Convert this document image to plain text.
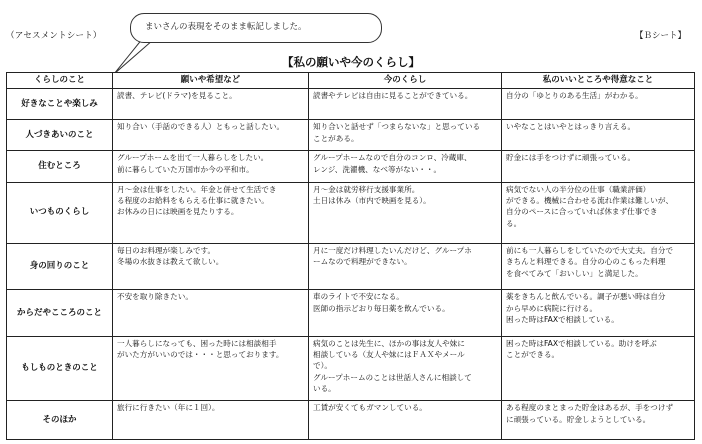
（アセスメントシート）	【Ｂシート】
まいさんの表現をそのまま転記しました。
【私の願いや今のくらし】
くらしのこと	願いや希望など	今のくらし	私のいいところや得意なこと
好きなことや楽しみ	読書、テレビ(ドラマ)を見ること。	読書やテレビは自由に見ることができている。	自分の「ゆとりのある生活」がわかる。

人づきあいのこと	知り合い（手話のできる人）ともっと話したい。	知り合いと話せず「つまらないな」と思っている
ことがある。	いやなことはいやとはっきり言える。

住むところ	グループホームを出て一人暮らしをしたい。
前に暮らしていた万国市か今の平和市。	グループホームなので自分のコンロ、冷蔵庫、
レンジ、洗濯機、なべ等がない・・。	貯金には手をつけずに頑張っている。

いつものくらし	月～金は仕事をしたい。年金と併せて生活でき
る程度のお給料をもらえる仕事に就きたい。
お休みの日には映画を見たりする。	月～金は就労移行支援事業所。
土日は休み（市内で映画を見る）。	病気でない人の半分位の仕事（職業評価）
ができる。機械に合わせる流れ作業は難しいが、
自分のペースに合っていれば休まず仕事でき
る。

身の回りのこと	毎日のお料理が楽しみです。
冬場の水抜きは教えて欲しい。	月に一度だけ料理したいんだけど、グループホ
ームなので料理ができない。	前にも一人暮らしをしていたので大丈夫。自分で
きちんと料理できる。自分の心のこもった料理
を食べてみて「おいしい」と満足した。

からだやこころのこと	不安を取り除きたい。	車のライトで不安になる。
医師の指示どおり毎日薬を飲んでいる。	薬をきちんと飲んでいる。調子が悪い時は自分
から早めに病院に行ける。
困った時はFAXで相談している。

もしものときのこと	一人暮らしになっても、困った時には相談相手
がいた方がいいのでは・・・と思っております。	病気のことは先生に、ほかの事は友人や妹に
相談している（友人や妹にはＦＡＸやメール
で）。
グループホームのことは世話人さんに相談して
いる。	困った時はFAXで相談している。助けを呼ぶ
ことができる。

そのほか	旅行に行きたい（年に１回）。	工賃が安くてもガマンしている。	ある程度のまとまった貯金はあるが、手をつけず
に頑張っている。貯金しようとしている。
